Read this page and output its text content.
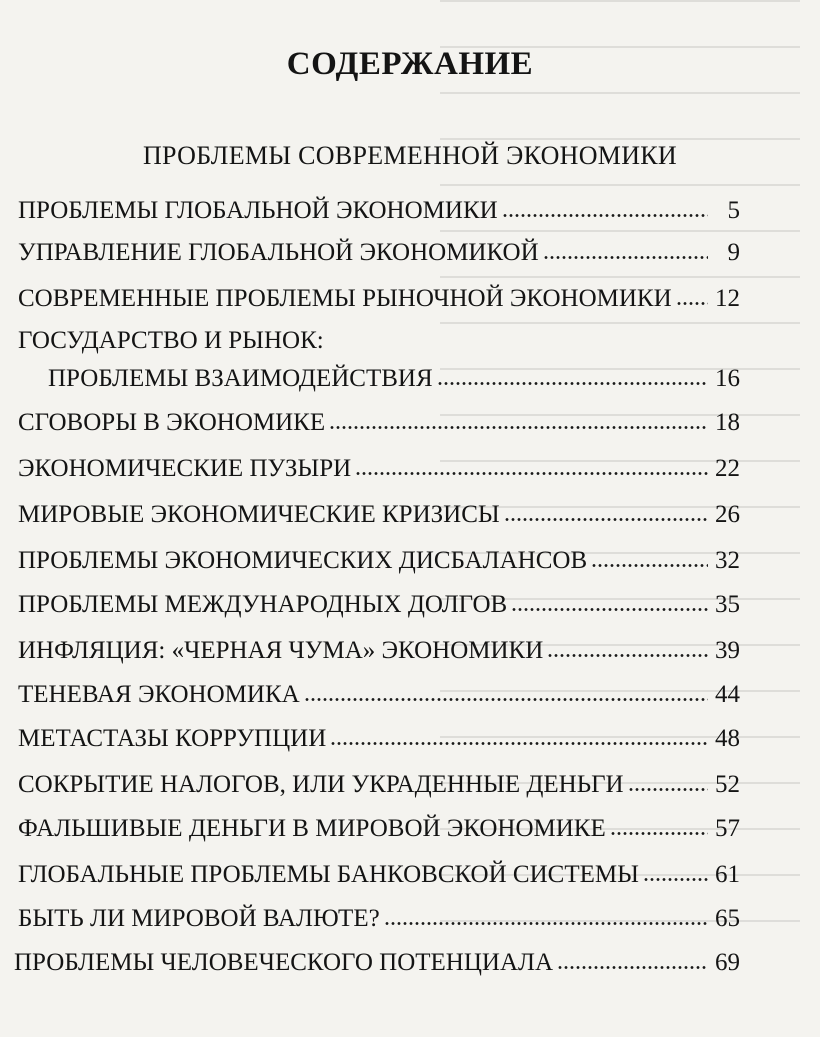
СОДЕРЖАНИЕ
ПРОБЛЕМЫ СОВРЕМЕННОЙ ЭКОНОМИКИ
ПРОБЛЕМЫ ГЛОБАЛЬНОЙ ЭКОНОМИКИ	5
УПРАВЛЕНИЕ ГЛОБАЛЬНОЙ ЭКОНОМИКОЙ	9
СОВРЕМЕННЫЕ ПРОБЛЕМЫ РЫНОЧНОЙ ЭКОНОМИКИ 12
ГОСУДАРСТВО И РЫНОК:
ПРОБЛЕМЫ ВЗАИМОДЕЙСТВИЯ	16
СГОВОРЫ В ЭКОНОМИКЕ	18
ЭКОНОМИЧЕСКИЕ ПУЗЫРИ	22
МИРОВЫЕ ЭКОНОМИЧЕСКИЕ КРИЗИСЫ	26
ПРОБЛЕМЫ ЭКОНОМИЧЕСКИХ ДИСБАЛАНСОВ	32
ПРОБЛЕМЫ МЕЖДУНАРОДНЫХ ДОЛГОВ	35
ИНФЛЯЦИЯ: «ЧЕРНАЯ ЧУМА» ЭКОНОМИКИ	39
ТЕНЕВАЯ ЭКОНОМИКА	44
МЕТАСТАЗЫ КОРРУПЦИИ	48
СОКРЫТИЕ НАЛОГОВ, ИЛИ УКРАДЕННЫЕ ДЕНЬГИ	52
ФАЛЬШИВЫЕ ДЕНЬГИ В МИРОВОЙ ЭКОНОМИКЕ	57
ГЛОБАЛЬНЫЕ ПРОБЛЕМЫ БАНКОВСКОЙ СИСТЕМЫ	61
БЫТЬ ЛИ МИРОВОЙ ВАЛЮТЕ?	65
ПРОБЛЕМЫ ЧЕЛОВЕЧЕСКОГО ПОТЕНЦИАЛА	69
